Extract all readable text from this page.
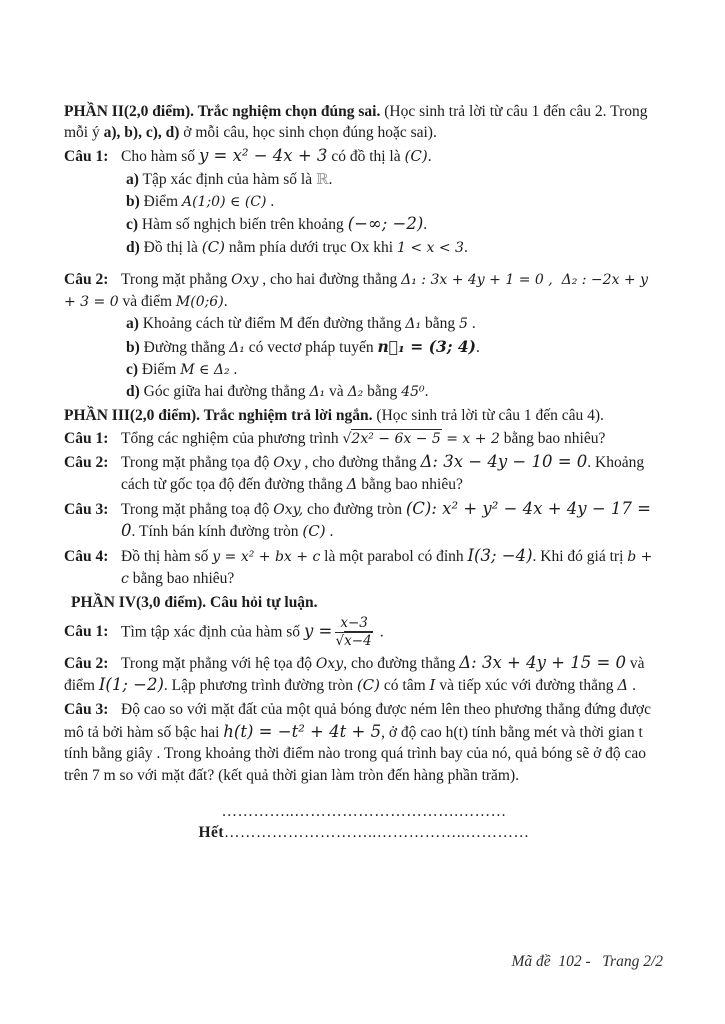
PHẦN II(2,0 điểm). Trắc nghiệm chọn đúng sai. (Học sinh trả lời từ câu 1 đến câu 2. Trong mỗi ý a), b), c), d) ở mỗi câu, học sinh chọn đúng hoặc sai).

Câu 1: Cho hàm số y = x² − 4x + 3 có đồ thị là (C).

a) Tập xác định của hàm số là ℝ.

b) Điểm A(1;0) ∈ (C) .

c) Hàm số nghịch biến trên khoảng (−∞; −2).

d) Đồ thị là (C) nằm phía dưới trục Ox khi 1 < x < 3.

Câu 2: Trong mặt phẳng Oxy , cho hai đường thẳng Δ₁ : 3x + 4y + 1 = 0 ,  Δ₂ : −2x + y + 3 = 0 và điểm M(0;6).

a) Khoảng cách từ điểm M đến đường thẳng Δ₁ bằng 5 .

b) Đường thẳng Δ₁ có vectơ pháp tuyến n⃗₁ = (3; 4).

c) Điểm M ∈ Δ₂ .

d) Góc giữa hai đường thẳng Δ₁ và Δ₂ bằng 45⁰.

PHẦN III(2,0 điểm). Trắc nghiệm trả lời ngắn. (Học sinh trả lời từ câu 1 đến câu 4).

Câu 1: Tổng các nghiệm của phương trình √2x² − 6x − 5 = x + 2 bằng bao nhiêu?

Câu 2: Trong mặt phẳng tọa độ Oxy , cho đường thẳng Δ: 3x − 4y − 10 = 0. Khoảng cách từ gốc tọa độ đến đường thẳng Δ bằng bao nhiêu?

Câu 3: Trong mặt phẳng toạ độ Oxy, cho đường tròn (C): x² + y² − 4x + 4y − 17 = 0. Tính bán kính đường tròn (C) .

Câu 4: Đồ thị hàm số y = x² + bx + c là một parabol có đỉnh I(3; −4). Khi đó giá trị b + c bằng bao nhiêu?

PHẦN IV(3,0 điểm). Câu hỏi tự luận.

Câu 1: Tìm tập xác định của hàm số $y = \frac{x-3}{√x-4}$ .

Câu 2: Trong mặt phẳng với hệ tọa độ Oxy, cho đường thẳng Δ: 3x + 4y + 15 = 0 và điểm I(1; −2). Lập phương trình đường tròn (C) có tâm I và tiếp xúc với đường thẳng Δ .

Câu 3: Độ cao so với mặt đất của một quả bóng được ném lên theo phương thẳng đứng được mô tả bởi hàm số bậc hai h(t) = −t² + 4t + 5, ở độ cao h(t) tính bằng mét và thời gian t tính bằng giây . Trong khoảng thời điểm nào trong quá trình bay của nó, quả bóng sẽ ở độ cao trên 7 m so với mặt đất? (kết quả thời gian làm tròn đến hàng phần trăm).

…………..………………………….………Hết………………………..……………..…………

Mã đề  102 -   Trang 2/2
